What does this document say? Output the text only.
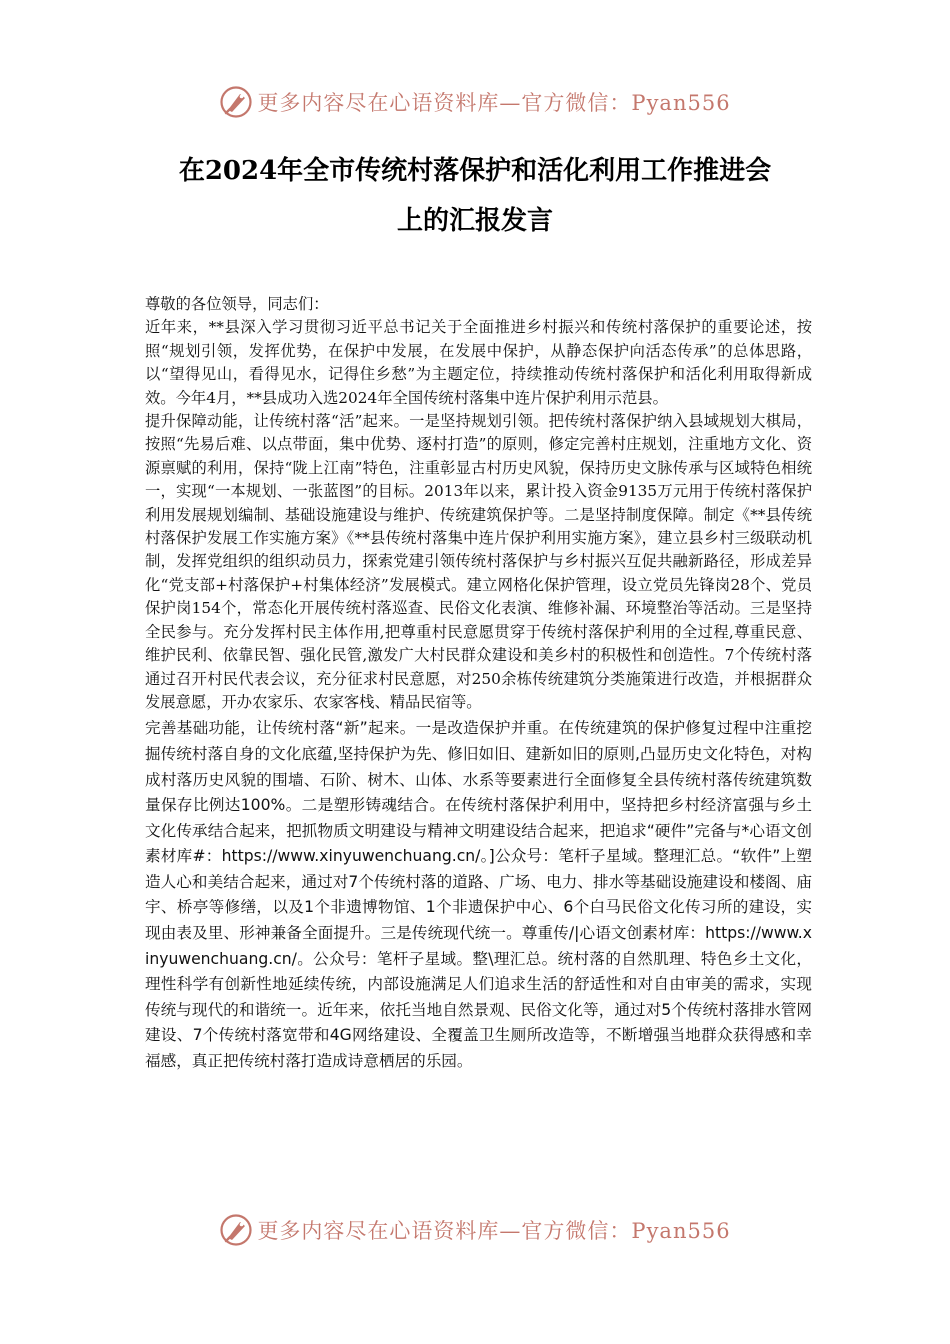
更多内容尽在心语资料库—官方微信：Pyan556
在2024年全市传统村落保护和活化利用工作推进会
上的汇报发言

尊敬的各位领导，同志们：

近年来，**县深入学习贯彻习近平总书记关于全面推进乡村振兴和传统村落保护的重要论述，按照“规划引领，发挥优势，在保护中发展，在发展中保护，从静态保护向活态传承”的总体思路，以“望得见山，看得见水，记得住乡愁”为主题定位，持续推动传统村落保护和活化利用取得新成效。今年4月，**县成功入选2024年全国传统村落集中连片保护利用示范县。

提升保障动能，让传统村落“活”起来。一是坚持规划引领。把传统村落保护纳入县域规划大棋局，按照“先易后难、以点带面，集中优势、逐村打造”的原则，修定完善村庄规划，注重地方文化、资源禀赋的利用，保持“陇上江南”特色，注重彰显古村历史风貌，保持历史文脉传承与区域特色相统一，实现“一本规划、一张蓝图”的目标。2013年以来，累计投入资金9135万元用于传统村落保护利用发展规划编制、基础设施建设与维护、传统建筑保护等。二是坚持制度保障。制定《**县传统村落保护发展工作实施方案》《**县传统村落集中连片保护利用实施方案》，建立县乡村三级联动机制，发挥党组织的组织动员力，探索党建引领传统村落保护与乡村振兴互促共融新路径，形成差异化“党支部+村落保护+村集体经济”发展模式。建立网格化保护管理，设立党员先锋岗28个、党员保护岗154个，常态化开展传统村落巡查、民俗文化表演、维修补漏、环境整治等活动。三是坚持全民参与。充分发挥村民主体作用,把尊重村民意愿贯穿于传统村落保护利用的全过程,尊重民意、维护民利、依靠民智、强化民管,激发广大村民群众建设和美乡村的积极性和创造性。7个传统村落通过召开村民代表会议，充分征求村民意愿，对250余栋传统建筑分类施策进行改造，并根据群众发展意愿，开办农家乐、农家客栈、精品民宿等。

完善基础功能，让传统村落“新”起来。一是改造保护并重。在传统建筑的保护修复过程中注重挖掘传统村落自身的文化底蕴,坚持保护为先、修旧如旧、建新如旧的原则,凸显历史文化特色，对构成村落历史风貌的围墙、石阶、树木、山体、水系等要素进行全面修复全县传统村落传统建筑数量保存比例达100%。二是塑形铸魂结合。在传统村落保护利用中，坚持把乡村经济富强与乡土文化传承结合起来，把抓物质文明建设与精神文明建设结合起来，把追求“硬件”完备与*心语文创素材库#：https://www.xinyuwenchuang.cn/。]公众号：笔杆子星域。整理汇总。“软件”上塑造人心和美结合起来，通过对7个传统村落的道路、广场、电力、排水等基础设施建设和楼阁、庙宇、桥亭等修缮，以及1个非遗博物馆、1个非遗保护中心、6个白马民俗文化传习所的建设，实现由表及里、形神兼备全面提升。三是传统现代统一。尊重传/|心语文创素材库：https://www.xinyuwenchuang.cn/。公众号：笔杆子星域。整\理汇总。统村落的自然肌理、特色乡土文化，理性科学有创新性地延续传统，内部设施满足人们追求生活的舒适性和对自由审美的需求，实现传统与现代的和谐统一。近年来，依托当地自然景观、民俗文化等，通过对5个传统村落排水管网建设、7个传统村落宽带和4G网络建设、全覆盖卫生厕所改造等，不断增强当地群众获得感和幸福感，真正把传统村落打造成诗意栖居的乐园。

更多内容尽在心语资料库—官方微信：Pyan556
